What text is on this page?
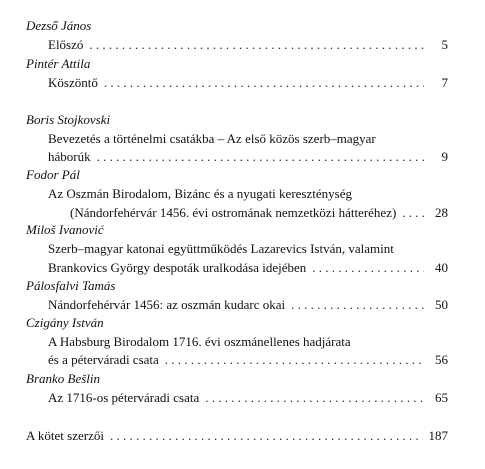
Dezső János
Előszó . . .	5
Pintér Attila
Köszöntő . . .	7
Boris Stojkovski
Bevezetés a történelmi csatákba – Az első közös szerb–magyar
háborúk . . .	9
Fodor Pál
Az Oszmán Birodalom, Bizánc és a nyugati kereszténység
(Nándorfehérvár 1456. évi ostromának nemzetközi hátteréhez) . . .	28
Miloš Ivanović
Szerb–magyar katonai együttműködés Lazarevics István, valamint
Brankovics György despoták uralkodása idejében . . .	40
Pálosfalvi Tamás
Nándorfehérvár 1456: az oszmán kudarc okai . . .	50
Czigány István
A Habsburg Birodalom 1716. évi oszmánellenes hadjárata
és a péterváradi csata . . .	56
Branko Bešlin
Az 1716-os péterváradi csata . . .	65
A kötet szerzői . . .	187
